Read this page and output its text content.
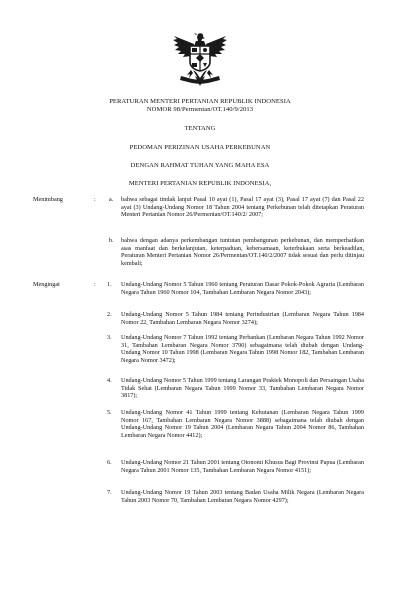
PERATURAN MENTERI PERTANIAN REPUBLIK INDONESIA
NOMOR 98/Permentan/OT.140/9/2013
TENTANG
PEDOMAN PERIZINAN USAHA PERKEBUNAN
DENGAN RAHMAT TUHAN YANG MAHA ESA
MENTERI PERTANIAN REPUBLIK INDONESIA,
Menimbang	: a. bahwa sebagai tindak lanjut Pasal 10 ayat (1), Pasal 17 ayat (3), Pasal 17 ayat (7) dan Pasal 22 ayat (3) Undang-Undang Nomor 18 Tahun 2004 tentang Perkebunan telah ditetapkan Peraturan Menteri Pertanian Nomor 26/Permentan/OT.140/2/ 2007;
b. bahwa dengan adanya perkembangan tuntutan pembangunan perkebunan, dan memperhatikan asas manfaat dan berkelanjutan, keterpaduan, kebersamaan, keterbukaan serta berkeadilan, Peraturan Menteri Pertanian Nomor 26/Permentan/OT.140/2/2007 tidak sesuai dan perlu ditinjau kembali;
Mengingat	: 1. Undang-Undang Nomor 5 Tahun 1960 tentang Peraturan Dasar Pokok-Pokok Agraria (Lembaran Negara Tahun 1960 Nomor 104, Tambahan Lembaran Negara Nomor 2043);
2. Undang-Undang Nomor 5 Tahun 1984 tentang Perindustrian (Lembaran Negara Tahun 1984 Nomor 22, Tambahan Lembaran Negara Nomor 3274);
3. Undang-Undang Nomor 7 Tahun 1992 tentang Perbankan (Lembaran Negara Tahun 1992 Nomor 31, Tambahan Lembaran Negara Nomor 3790) sebagaimana telah diubah dengan Undang-Undang Nomor 10 Tahun 1998 (Lembaran Negara Tahun 1998 Nomor 182, Tambahan Lembaran Negara Nomor 3472);
4. Undang-Undang Nomor 5 Tahun 1999 tentang Larangan Praktek Monopoli dan Persaingan Usaha Tidak Sehat (Lembaran Negara Tahun 1999 Nomor 33, Tambahan Lembaran Negara Nomor 3817);
5. Undang-Undang Nomor 41 Tahun 1999 tentang Kehutanan (Lembaran Negara Tahun 1999 Nomor 167, Tambahan Lembaran Negara Nomor 3888) sebagaimana telah diubah dengan Undang-Undang Nomor 19 Tahun 2004 (Lembaran Negara Tahun 2004 Nomor 86, Tambahan Lembaran Negara Nomor 4412);
6. Undang-Undang Nomor 21 Tahun 2001 tentang Otonomi Khusus Bagi Provinsi Papua (Lembaran Negara Tahun 2001 Nomor 135, Tambahan Lembaran Negara Nomor 4151);
7. Undang-Undang Nomor 19 Tahun 2003 tentang Badan Usaha Milik Negara (Lembaran Negara Tahun 2003 Nomor 70, Tambahan Lembaran Negara Nomor 4297);
